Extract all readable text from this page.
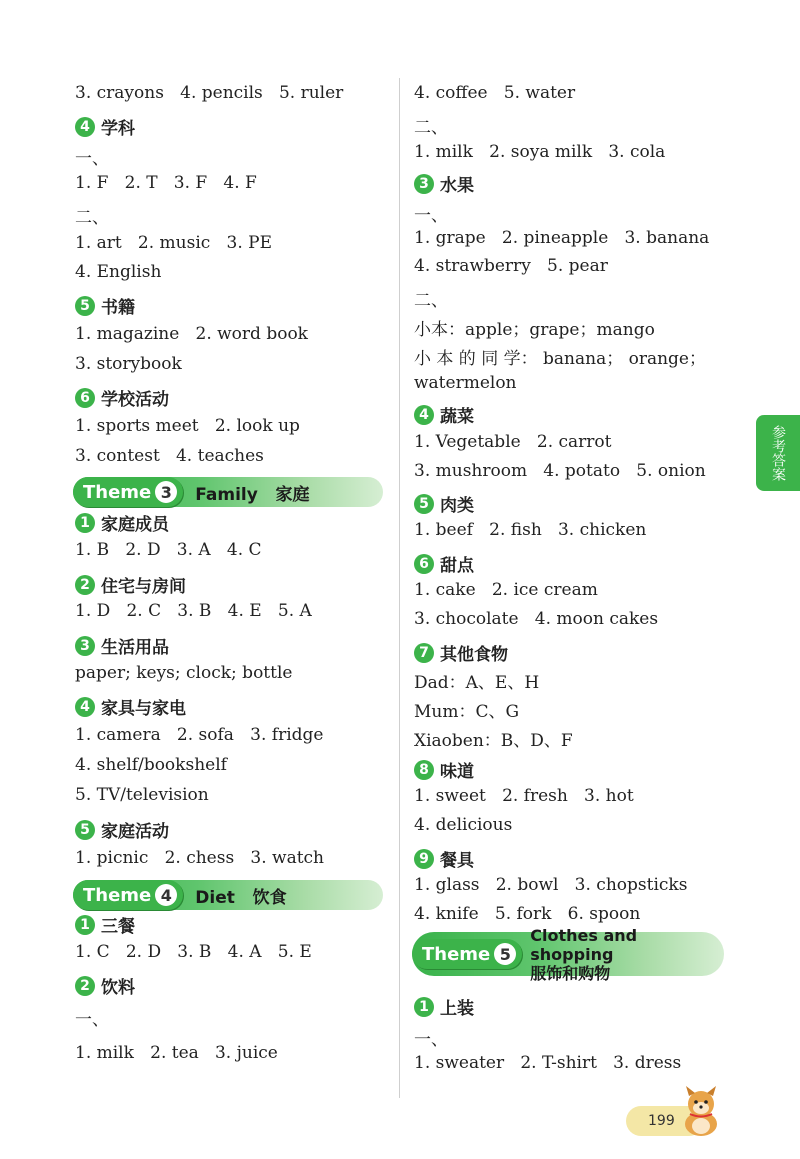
3. crayons   4. pencils   5. ruler
4 学科
一、
1. F   2. T   3. F   4. F
二、
1. art   2. music   3. PE
4. English
5 书籍
1. magazine   2. word book
3. storybook
6 学校活动
1. sports meet   2. look up
3. contest   4. teaches
Theme 3	Family   家庭
1 家庭成员
1. B   2. D   3. A   4. C
2 住宅与房间
1. D   2. C   3. B   4. E   5. A
3 生活用品
paper; keys; clock; bottle
4 家具与家电
1. camera   2. sofa   3. fridge
4. shelf/bookshelf
5. TV/television
5 家庭活动
1. picnic   2. chess   3. watch
Theme 4	Diet   饮食
1 三餐
1. C   2. D   3. B   4. A   5. E
2 饮料
一、
1. milk   2. tea   3. juice
4. coffee   5. water
二、
1. milk   2. soya milk   3. cola
3 水果
一、
1. grape   2. pineapple   3. banana
4. strawberry   5. pear
二、
小本：apple；grape；mango
小 本 的 同 学： banana； orange；
watermelon
4 蔬菜
1. Vegetable   2. carrot
3. mushroom   4. potato   5. onion
5 肉类
1. beef   2. fish   3. chicken
6 甜点
1. cake   2. ice cream
3. chocolate   4. moon cakes
7 其他食物
Dad：A、E、H
Mum：C、G
Xiaoben：B、D、F
8 味道
1. sweet   2. fresh   3. hot
4. delicious
9 餐具
1. glass   2. bowl   3. chopsticks
4. knife   5. fork   6. spoon
Theme 5
Clothes and shopping
服饰和购物
1 上装
一、
1. sweater   2. T-shirt   3. dress
参考答案
199
